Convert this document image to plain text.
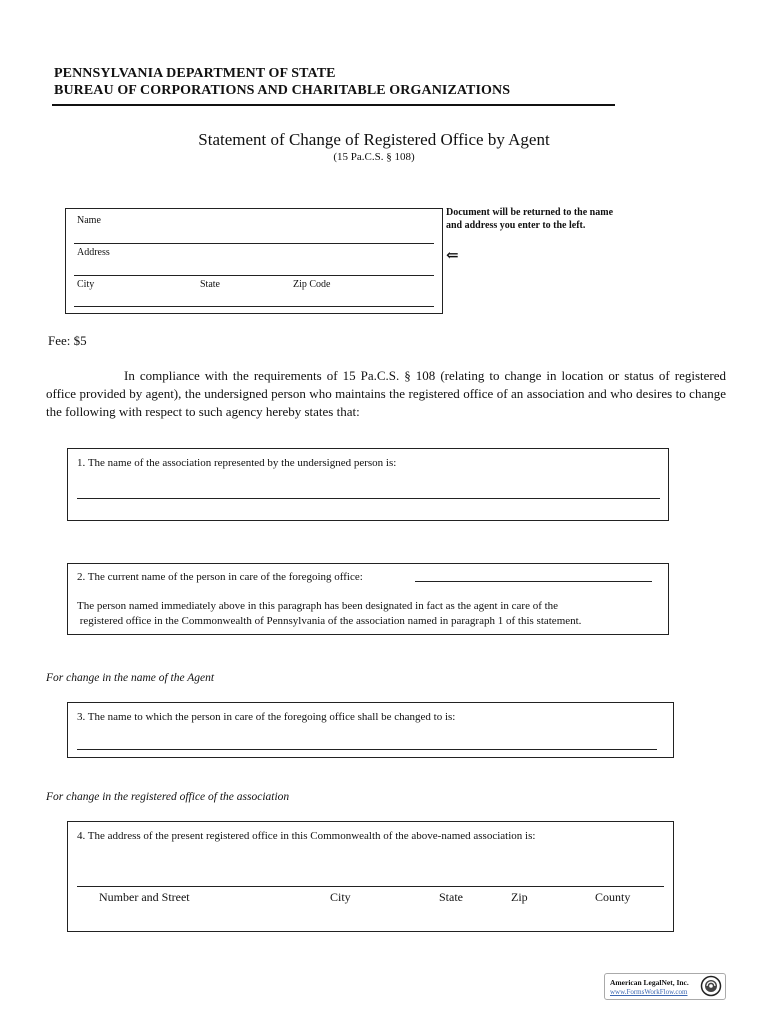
PENNSYLVANIA DEPARTMENT OF STATE
BUREAU OF CORPORATIONS AND CHARITABLE ORGANIZATIONS
Statement of Change of Registered Office by Agent
(15 Pa.C.S. § 108)
Name
Address
City	State	Zip Code
Document will be returned to the name and address you enter to the left.
⇐
Fee: $5
In compliance with the requirements of 15 Pa.C.S. § 108 (relating to change in location or status of registered office provided by agent), the undersigned person who maintains the registered office of an association and who desires to change the following with respect to such agency hereby states that:
1. The name of the association represented by the undersigned person is:
2. The current name of the person in care of the foregoing office:
The person named immediately above in this paragraph has been designated in fact as the agent in care of the
registered office in the Commonwealth of Pennsylvania of the association named in paragraph 1 of this statement.
For change in the name of the Agent
3. The name to which the person in care of the foregoing office shall be changed to is:
For change in the registered office of the association
4. The address of the present registered office in this Commonwealth of the above-named association is:
Number and Street	City	State	Zip	County
American LegalNet, Inc.
www.FormsWorkFlow.com
